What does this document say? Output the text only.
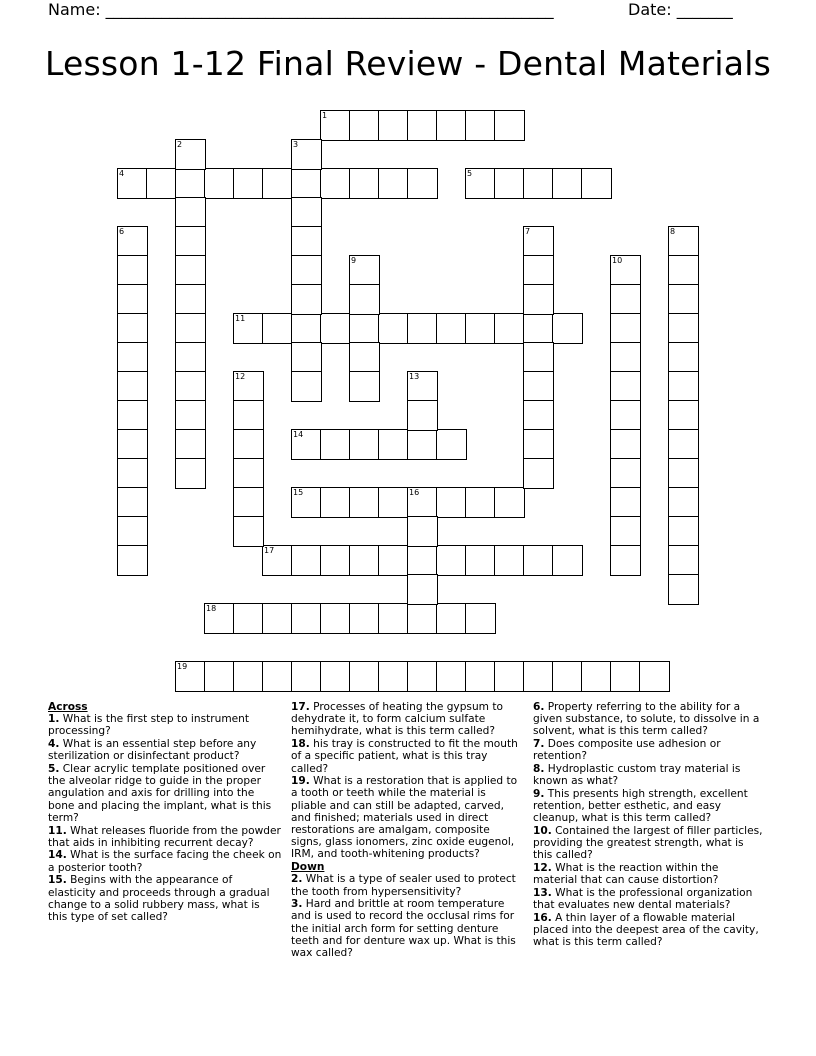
Name: ________________________________________________________	Date: _______
Lesson 1-12 Final Review - Dental Materials
1
4	5
11
14
15	16
17
18
19
2	3
6	7	8
9	10
12	13

Across

1. What is the first step to instrument processing?

4. What is an essential step before any sterilization or disinfectant product?

5. Clear acrylic template positioned over the alveolar ridge to guide in the proper angulation and axis for drilling into the bone and placing the implant, what is this term?

11. What releases fluoride from the powder that aids in inhibiting recurrent decay?

14. What is the surface facing the cheek on a posterior tooth?

15. Begins with the appearance of elasticity and proceeds through a gradual change to a solid rubbery mass, what is this type of set called?

17. Processes of heating the gypsum to dehydrate it, to form calcium sulfate hemihydrate, what is this term called?

18. his tray is constructed to fit the mouth of a specific patient, what is this tray called?

19. What is a restoration that is applied to a tooth or teeth while the material is pliable and can still be adapted, carved, and finished; materials used in direct restorations are amalgam, composite signs, glass ionomers, zinc oxide eugenol, IRM, and tooth-whitening products?

Down

2. What is a type of sealer used to protect the tooth from hypersensitivity?

3. Hard and brittle at room temperature and is used to record the occlusal rims for the initial arch form for setting denture teeth and for denture wax up. What is this wax called?

6. Property referring to the ability for a given substance, to solute, to dissolve in a solvent, what is this term called?

7. Does composite use adhesion or retention?

8. Hydroplastic custom tray material is known as what?

9. This presents high strength, excellent retention, better esthetic, and easy cleanup, what is this term called?

10. Contained the largest of filler particles, providing the greatest strength, what is this called?

12. What is the reaction within the material that can cause distortion?

13. What is the professional organization that evaluates new dental materials?

16. A thin layer of a flowable material placed into the deepest area of the cavity, what is this term called?
